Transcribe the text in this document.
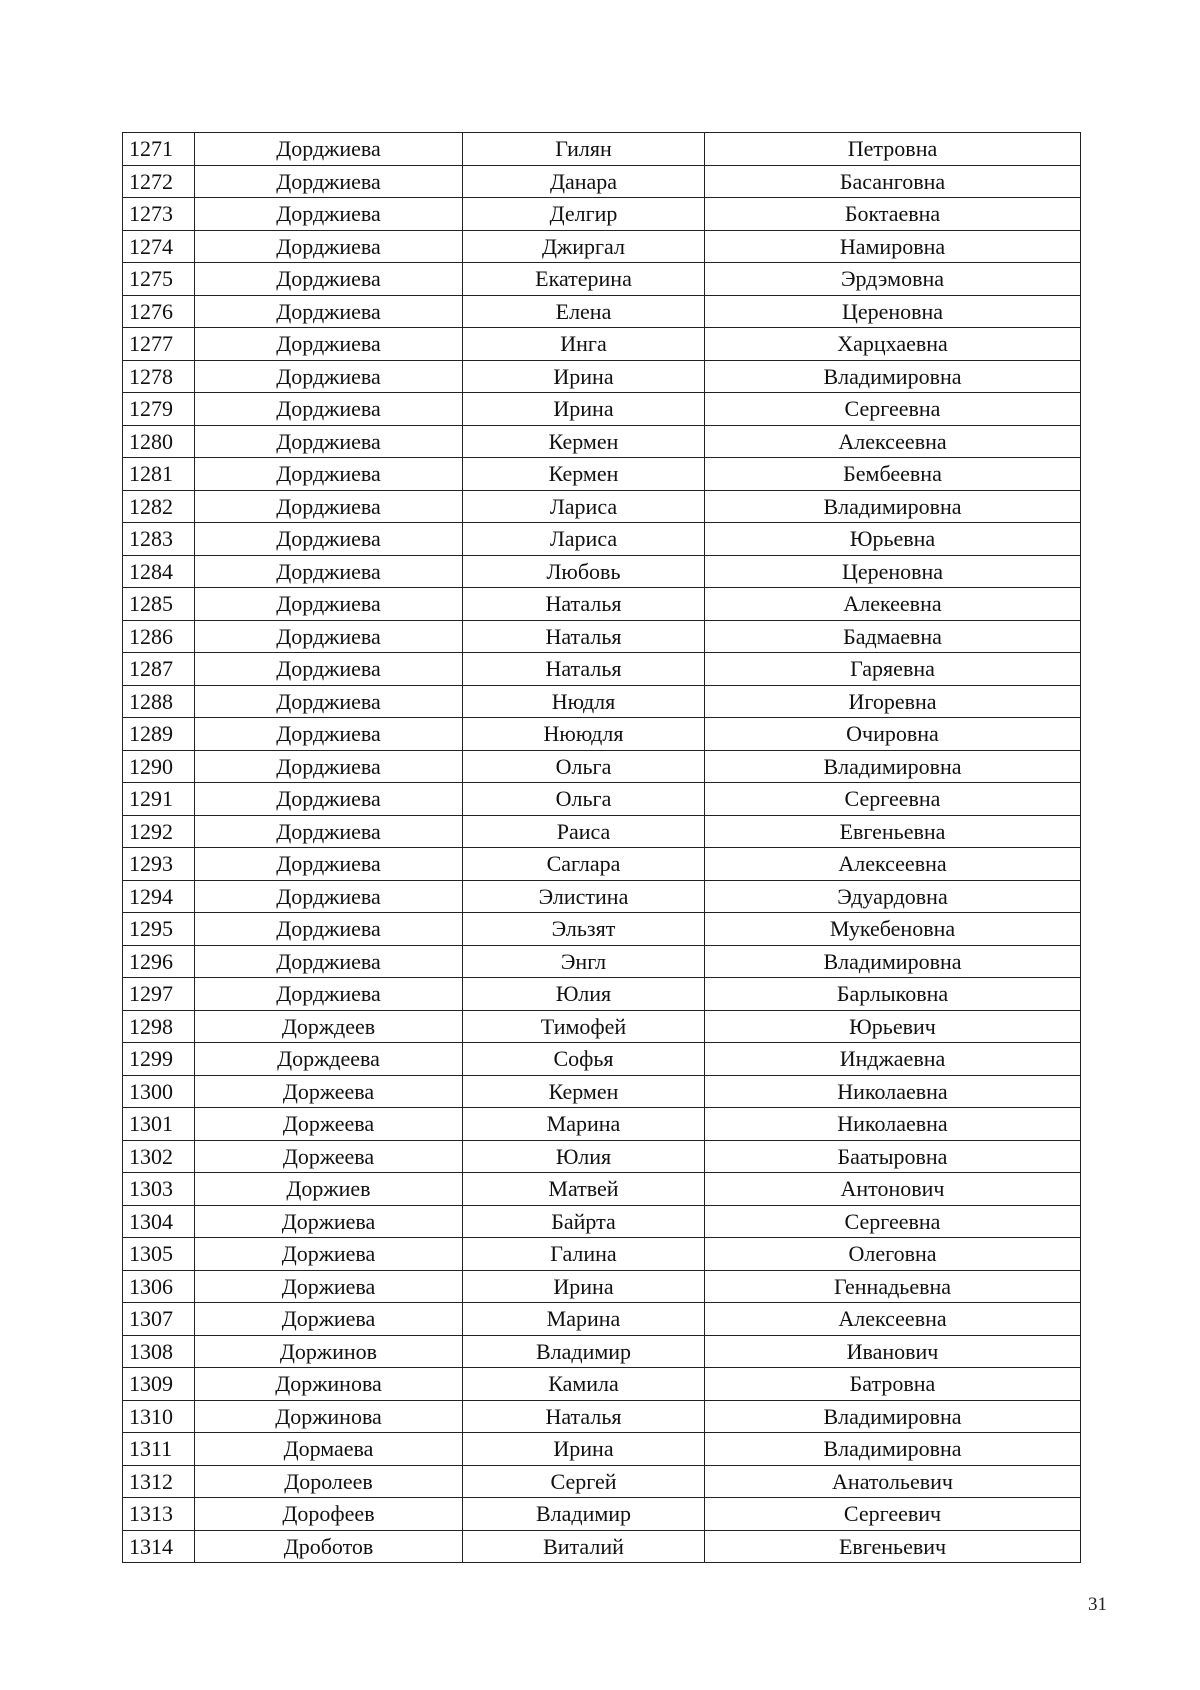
1271	Дорджиева	Гилян	Петровна
1272	Дорджиева	Данара	Басанговна
1273	Дорджиева	Делгир	Боктаевна
1274	Дорджиева	Джиргал	Намировна
1275	Дорджиева	Екатерина	Эрдэмовна
1276	Дорджиева	Елена	Цереновна
1277	Дорджиева	Инга	Харцхаевна
1278	Дорджиева	Ирина	Владимировна
1279	Дорджиева	Ирина	Сергеевна
1280	Дорджиева	Кермен	Алексеевна
1281	Дорджиева	Кермен	Бембеевна
1282	Дорджиева	Лариса	Владимировна
1283	Дорджиева	Лариса	Юрьевна
1284	Дорджиева	Любовь	Цереновна
1285	Дорджиева	Наталья	Алекеевна
1286	Дорджиева	Наталья	Бадмаевна
1287	Дорджиева	Наталья	Гаряевна
1288	Дорджиева	Нюдля	Игоревна
1289	Дорджиева	Нююдля	Очировна
1290	Дорджиева	Ольга	Владимировна
1291	Дорджиева	Ольга	Сергеевна
1292	Дорджиева	Раиса	Евгеньевна
1293	Дорджиева	Саглара	Алексеевна
1294	Дорджиева	Элистина	Эдуардовна
1295	Дорджиева	Эльзят	Мукебеновна
1296	Дорджиева	Энгл	Владимировна
1297	Дорджиева	Юлия	Барлыковна
1298	Дорждеев	Тимофей	Юрьевич
1299	Дорждеева	Софья	Инджаевна
1300	Доржеева	Кермен	Николаевна
1301	Доржеева	Марина	Николаевна
1302	Доржеева	Юлия	Баатыровна
1303	Доржиев	Матвей	Антонович
1304	Доржиева	Байрта	Сергеевна
1305	Доржиева	Галина	Олеговна
1306	Доржиева	Ирина	Геннадьевна
1307	Доржиева	Марина	Алексеевна
1308	Доржинов	Владимир	Иванович
1309	Доржинова	Камила	Батровна
1310	Доржинова	Наталья	Владимировна
1311	Дормаева	Ирина	Владимировна
1312	Доролеев	Сергей	Анатольевич
1313	Дорофеев	Владимир	Сергеевич
1314	Дроботов	Виталий	Евгеньевич
31
